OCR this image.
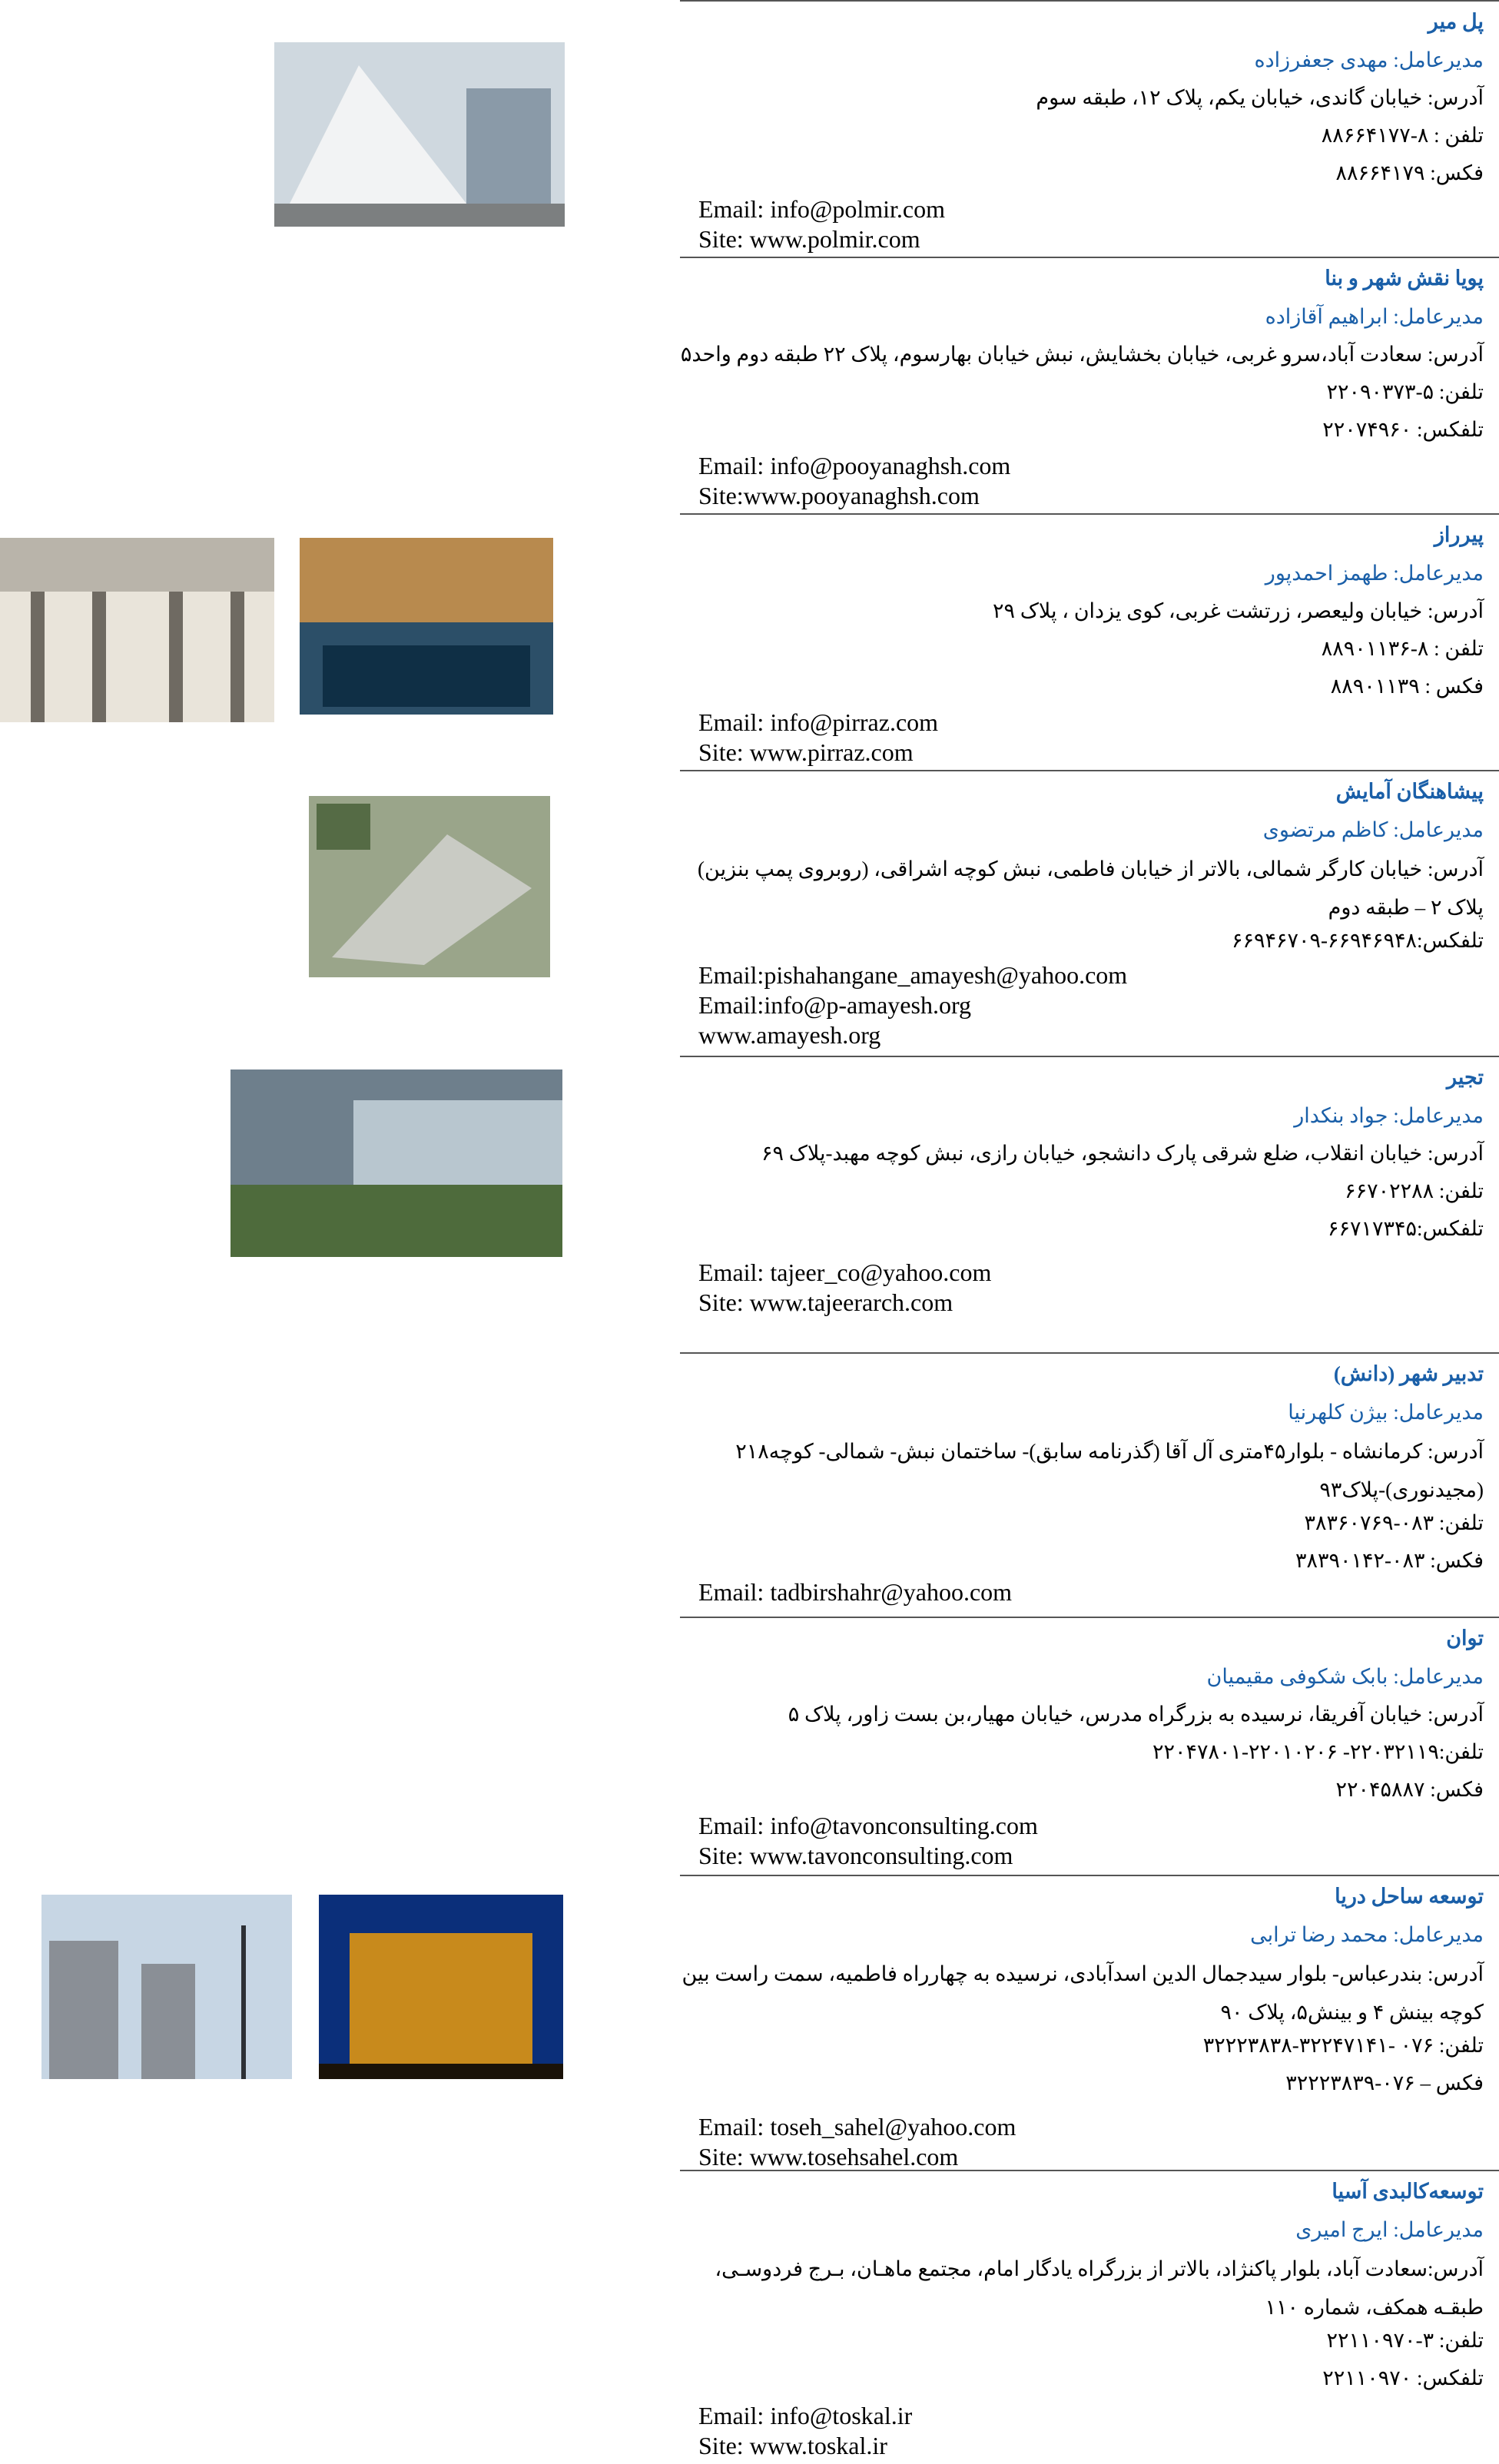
پل میر
مدیرعامل: مهدی جعفرزاده
آدرس: خیابان گاندی، خیابان یکم، پلاک ۱۲، طبقه سوم
تلفن : ۸-۸۸۶۶۴۱۷۷
فکس: ۸۸۶۶۴۱۷۹
Email: info@polmir.com
Site: www.polmir.com
پویا نقش شهر و بنا
مدیرعامل: ابراهیم آقازاده
آدرس: سعادت آباد،سرو غربی، خیابان بخشایش، نبش خیابان بهارسوم، پلاک ۲۲ طبقه دوم واحد۵
تلفن: ۵-۲۲۰۹۰۳۷۳
تلفکس: ۲۲۰۷۴۹۶۰
Email: info@pooyanaghsh.com
Site:www.pooyanaghsh.com
پیرراز
مدیرعامل: طهمز احمدپور
آدرس: خیابان ولیعصر، زرتشت غربی، کوی یزدان ، پلاک ۲۹
تلفن : ۸-۸۸۹۰۱۱۳۶
فکس : ۸۸۹۰۱۱۳۹
Email: info@pirraz.com
Site: www.pirraz.com
پیشاهنگان آمایش
مدیرعامل: کاظم مرتضوی
آدرس: خیابان کارگر شمالی، بالاتر از خیابان فاطمی، نبش کوچه اشراقی، (روبروی پمپ بنزین) پلاک ۲ – طبقه دوم
تلفکس:۶۶۹۴۶۹۴۸-۶۶۹۴۶۷۰۹
Email:pishahangane_amayesh@yahoo.com
Email:info@p-amayesh.org
www.amayesh.org
تجیر
مدیرعامل: جواد بنکدار
آدرس: خیابان انقلاب، ضلع شرقی پارک دانشجو، خیابان رازی، نبش کوچه مهبد-پلاک ۶۹
تلفن: ۶۶۷۰۲۲۸۸
تلفکس:۶۶۷۱۷۳۴۵
Email: tajeer_co@yahoo.com
Site: www.tajeerarch.com
تدبیر شهر (دانش)
مدیرعامل: بیژن کلهرنیا
آدرس: کرمانشاه - بلوار۴۵متری آل آقا (گذرنامه سابق)- ساختمان نبش- شمالی- کوچه۲۱۸ (مجیدنوری)-پلاک۹۳
تلفن: ۰۸۳-۳۸۳۶۰۷۶۹
فکس: ۰۸۳-۳۸۳۹۰۱۴۲
Email: tadbirshahr@yahoo.com
توان
مدیرعامل: بابک شکوفی مقیمیان
آدرس: خیابان آفریقا، نرسیده به بزرگراه مدرس، خیابان مهیار،بن بست زاور، پلاک ۵
تلفن:۲۲۰۳۲۱۱۹- ۲۲۰۱۰۲۰۶-۲۲۰۴۷۸۰۱
فکس: ۲۲۰۴۵۸۸۷
Email: info@tavonconsulting.com
Site: www.tavonconsulting.com
توسعه ساحل دریا
مدیرعامل: محمد رضا ترابی
آدرس: بندرعباس- بلوار سیدجمال الدین اسدآبادی، نرسیده به چهارراه فاطمیه، سمت راست بین کوچه بینش ۴ و بینش۵، پلاک ۹۰
تلفن: ۰۷۶ -۳۲۲۴۷۱۴۱-۳۲۲۲۳۸۳۸
فکس – ۰۷۶-۳۲۲۲۳۸۳۹
Email: toseh_sahel@yahoo.com
Site: www.tosehsahel.com
توسعه‌کالبدی آسیا
مدیرعامل: ایرج امیری
آدرس:سعادت آباد، بلوار پاکنژاد، بالاتر از بزرگراه یادگار امام، مجتمع ماهـان، بـرج فردوسـی، طبقـه همکف، شماره ۱۱۰
تلفن: ۳-۲۲۱۱۰۹۷۰
تلفکس: ۲۲۱۱۰۹۷۰
Email: info@toskal.ir
Site: www.toskal.ir
